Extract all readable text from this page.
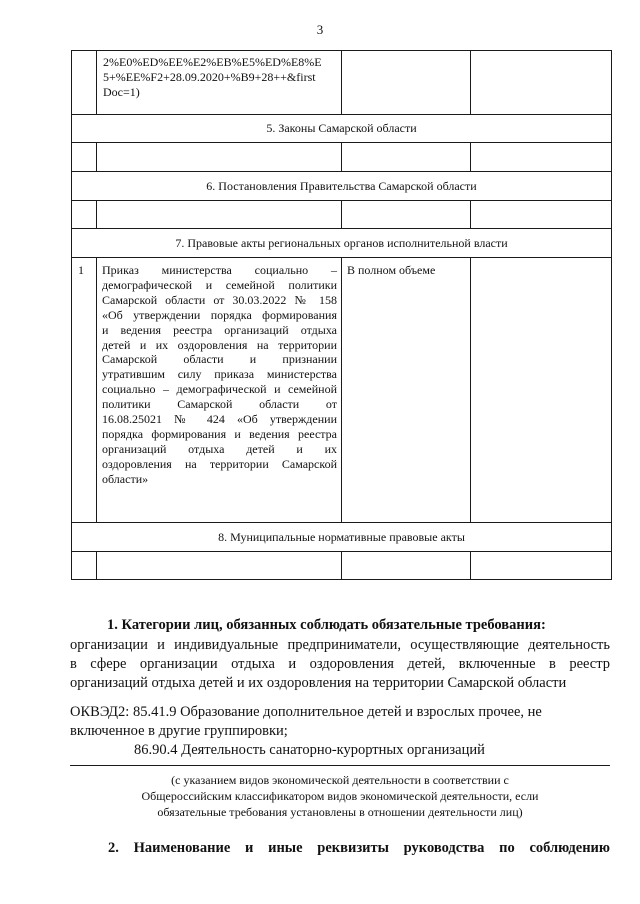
3
2%E0%ED%EE%E2%EB%E5%ED%E8%E
5+%EE%F2+28.09.2020+%B9+28++&first
Doc=1)
5. Законы Самарской области
6. Постановления Правительства Самарской области
7. Правовые акты региональных органов исполнительной власти
8. Муниципальные нормативные правовые акты
1 Приказ министерства социально –
демографической и семейной политики
Самарской области от 30.03.2022 № 158
«Об утверждении порядка формирования
и ведения реестра организаций отдыха
детей и их оздоровления на территории
Самарской области и признании
утратившим силу приказа министерства
социально – демографической и семейной
политики Самарской области от
16.08.25021 № 424 «Об утверждении
порядка формирования и ведения реестра
организаций отдыха детей и их
оздоровления на территории Самарской
области»
В полном объеме
1. Категории лиц, обязанных соблюдать обязательные требования:
организации и индивидуальные предприниматели, осуществляющие деятельность
в сфере организации отдыха и оздоровления детей, включенные в реестр
организаций отдыха детей и их оздоровления на территории Самарской области
ОКВЭД2: 85.41.9 Образование дополнительное детей и взрослых прочее, не
включенное в другие группировки;
86.90.4 Деятельность санаторно-курортных организаций
(с указанием видов экономической деятельности в соответствии с
Общероссийским классификатором видов экономической деятельности, если
обязательные требования установлены в отношении деятельности лиц)
2. Наименование и иные реквизиты руководства по соблюдению
